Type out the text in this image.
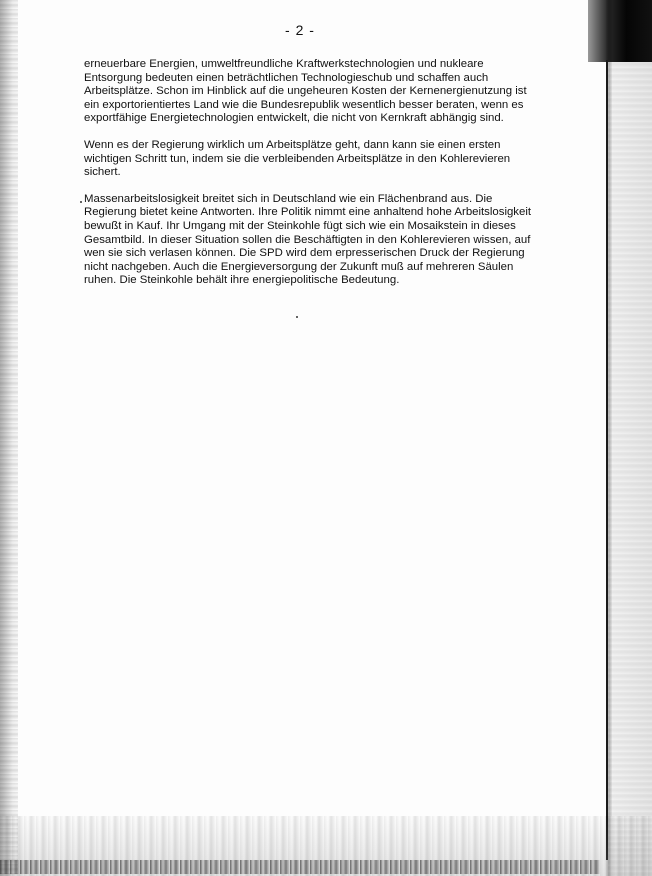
- 2 -

erneuerbare Energien, umweltfreundliche Kraftwerkstechnologien und nukleare Entsorgung bedeuten einen beträchtlichen Technologieschub und schaffen auch Arbeitsplätze. Schon im Hinblick auf die ungeheuren Kosten der Kernenergienutzung ist ein exportorientiertes Land wie die Bundesrepublik wesentlich besser beraten, wenn es exportfähige Energietechnologien entwickelt, die nicht von Kernkraft abhängig sind.

Wenn es der Regierung wirklich um Arbeitsplätze geht, dann kann sie einen ersten wichtigen Schritt tun, indem sie die verbleibenden Arbeitsplätze in den Kohlerevieren sichert.

Massenarbeitslosigkeit breitet sich in Deutschland wie ein Flächenbrand aus. Die Regierung bietet keine Antworten. Ihre Politik nimmt eine anhaltend hohe Arbeitslosigkeit bewußt in Kauf. Ihr Umgang mit der Steinkohle fügt sich wie ein Mosaikstein in dieses Gesamtbild. In dieser Situation sollen die Beschäftigten in den Kohlerevieren wissen, auf wen sie sich verlasen können. Die SPD wird dem erpresserischen Druck der Regierung nicht nachgeben. Auch die Energieversorgung der Zukunft muß auf mehreren Säulen ruhen. Die Steinkohle behält ihre energiepolitische Bedeutung.
